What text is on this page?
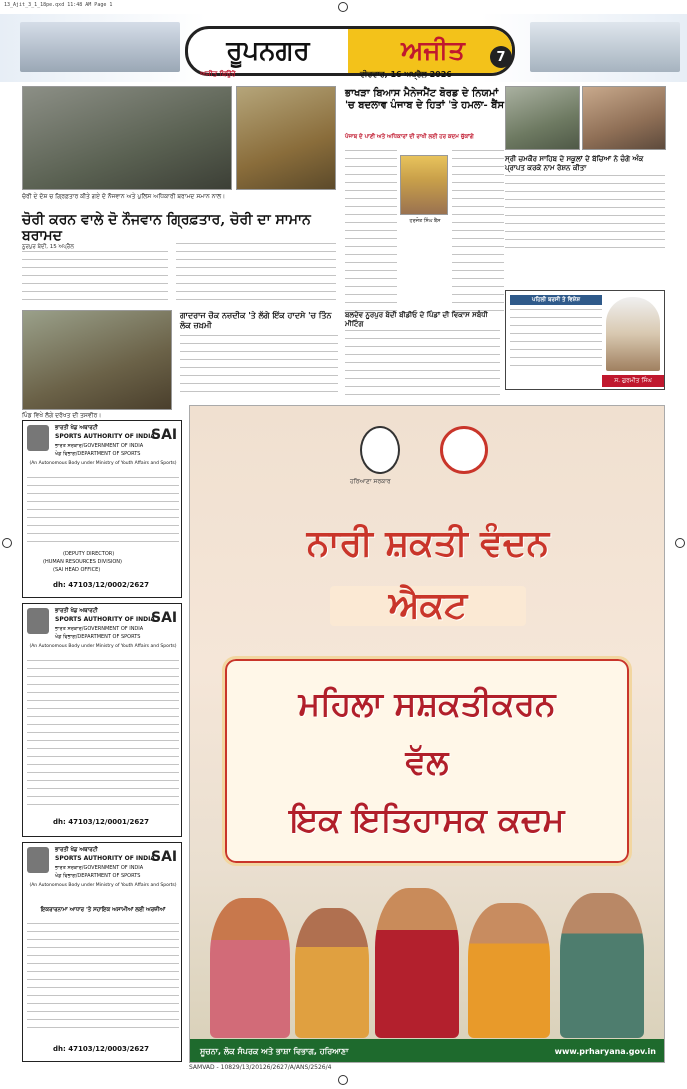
13_Ajit_3_1_18pe.qxd 11:48 AM Page 1
ਰੂਪਨਗਰ	ਅਜੀਤ	7
ਅਜੀਤ ਬਿਉਰੋ	ਵੀਰਵਾਰ, 16 ਅਪ੍ਰੈਲ 2026
ਚੋਰੀ ਦੇ ਦੋਸ਼ ਚ ਗ੍ਰਿਫ਼ਤਾਰ ਕੀਤੇ ਗਏ ਦੋ ਨੌਜਵਾਨ ਅਤੇ ਪੁਲਿਸ ਅਧਿਕਾਰੀ ਬਰਾਮਦ ਸਮਾਨ ਨਾਲ।
ਚੋਰੀ ਕਰਨ ਵਾਲੇ ਦੋ ਨੌਜਵਾਨ ਗ੍ਰਿਫ਼ਤਾਰ, ਚੋਰੀ ਦਾ ਸਾਮਾਨ ਬਰਾਮਦ
ਨੂਰਪੁਰ ਬੇਦੀ, 15 ਅਪ੍ਰੈਲ
ਪਿੰਡ ਵਿਖੇ ਲੱਗੇ ਦਰੱਖਤ ਦੀ ਤਸਵੀਰ।
ਗਾਦਰਾਜ ਚੌਕ ਨਜ਼ਦੀਕ 'ਤੇ ਲੱਗੇ ਇੱਕ ਹਾਦਸੇ 'ਚ ਤਿੰਨ ਲੋਕ ਜ਼ਖ਼ਮੀ
ਭਾਖੜਾ ਬਿਆਸ ਮੈਨੇਜਮੈਂਟ ਬੋਰਡ ਦੇ ਨਿਯਮਾਂ 'ਚ ਬਦਲਾਵ ਪੰਜਾਬ ਦੇ ਹਿਤਾਂ 'ਤੇ ਹਮਲਾ- ਬੈਂਸ
ਪੰਜਾਬ ਦੇ ਪਾਣੀ ਅਤੇ ਅਧਿਕਾਰਾਂ ਦੀ ਰਾਖੀ ਲਈ ਹਰ ਕਦਮ ਚੁੱਕਾਂਗੇ
ਹਰਜੋਤ ਸਿੰਘ ਬੈਂਸ
ਸ੍ਰੀ ਚਮਕੌਰ ਸਾਹਿਬ ਦੇ ਸਕੂਲਾਂ ਦੇ ਬੱਚਿਆਂ ਨੇ ਚੰਗੇ ਅੰਕ ਪ੍ਰਾਪਤ ਕਰਕੇ ਨਾਮ ਰੋਸ਼ਨ ਕੀਤਾ
ਬਲਦੇਵ ਨੂਰਪੁਰ ਬੇਦੀ ਬੀਡੀਓ ਦੇ ਪਿੰਡਾਂ ਦੀ ਵਿਕਾਸ ਸਬੰਧੀ ਮੀਟਿੰਗ
ਪਹਿਲੀ ਬਰਸੀ ਤੇ ਵਿਸ਼ੇਸ਼
ਸ. ਗੁਰਮੀਤ ਸਿੰਘ
SAI
ਭਾਰਤੀ ਖੇਡ ਅਥਾਰਟੀ
SPORTS AUTHORITY OF INDIA
ਭਾਰਤ ਸਰਕਾਰ/GOVERNMENT OF INDIA
ਖੇਡ ਵਿਭਾਗ/DEPARTMENT OF SPORTS
(An Autonomous Body under Ministry of Youth Affairs and Sports)
(DEPUTY DIRECTOR)
(HUMAN RESOURCES DIVISION)
(SAI HEAD OFFICE)
dh: 47103/12/0002/2627
SAI
ਭਾਰਤੀ ਖੇਡ ਅਥਾਰਟੀ
SPORTS AUTHORITY OF INDIA
ਭਾਰਤ ਸਰਕਾਰ/GOVERNMENT OF INDIA
ਖੇਡ ਵਿਭਾਗ/DEPARTMENT OF SPORTS
(An Autonomous Body under Ministry of Youth Affairs and Sports)
dh: 47103/12/0001/2627
SAI
ਭਾਰਤੀ ਖੇਡ ਅਥਾਰਟੀ
SPORTS AUTHORITY OF INDIA
ਭਾਰਤ ਸਰਕਾਰ/GOVERNMENT OF INDIA
ਖੇਡ ਵਿਭਾਗ/DEPARTMENT OF SPORTS
(An Autonomous Body under Ministry of Youth Affairs and Sports)
ਇਕਰਾਰਨਾਮਾ ਆਧਾਰ 'ਤੇ ਸਹਾਇਕ ਅਸਾਮੀਆਂ ਲਈ ਅਰਜ਼ੀਆਂ
dh: 47103/12/0003/2627
ਹਰਿਆਣਾ ਸਰਕਾਰ
ਨਾਰੀ ਸ਼ਕਤੀ ਵੰਦਨ
ਐਕਟ
ਮਹਿਲਾ ਸਸ਼ਕਤੀਕਰਨ
ਵੱਲ
ਇਕ ਇਤਿਹਾਸਕ ਕਦਮ
ਸੂਚਨਾ, ਲੋਕ ਸੰਪਰਕ ਅਤੇ ਭਾਸ਼ਾ ਵਿਭਾਗ, ਹਰਿਆਣਾ	www.prharyana.gov.in
SAMVAD - 10829/13/20126/2627/A/ANS/2526/4
